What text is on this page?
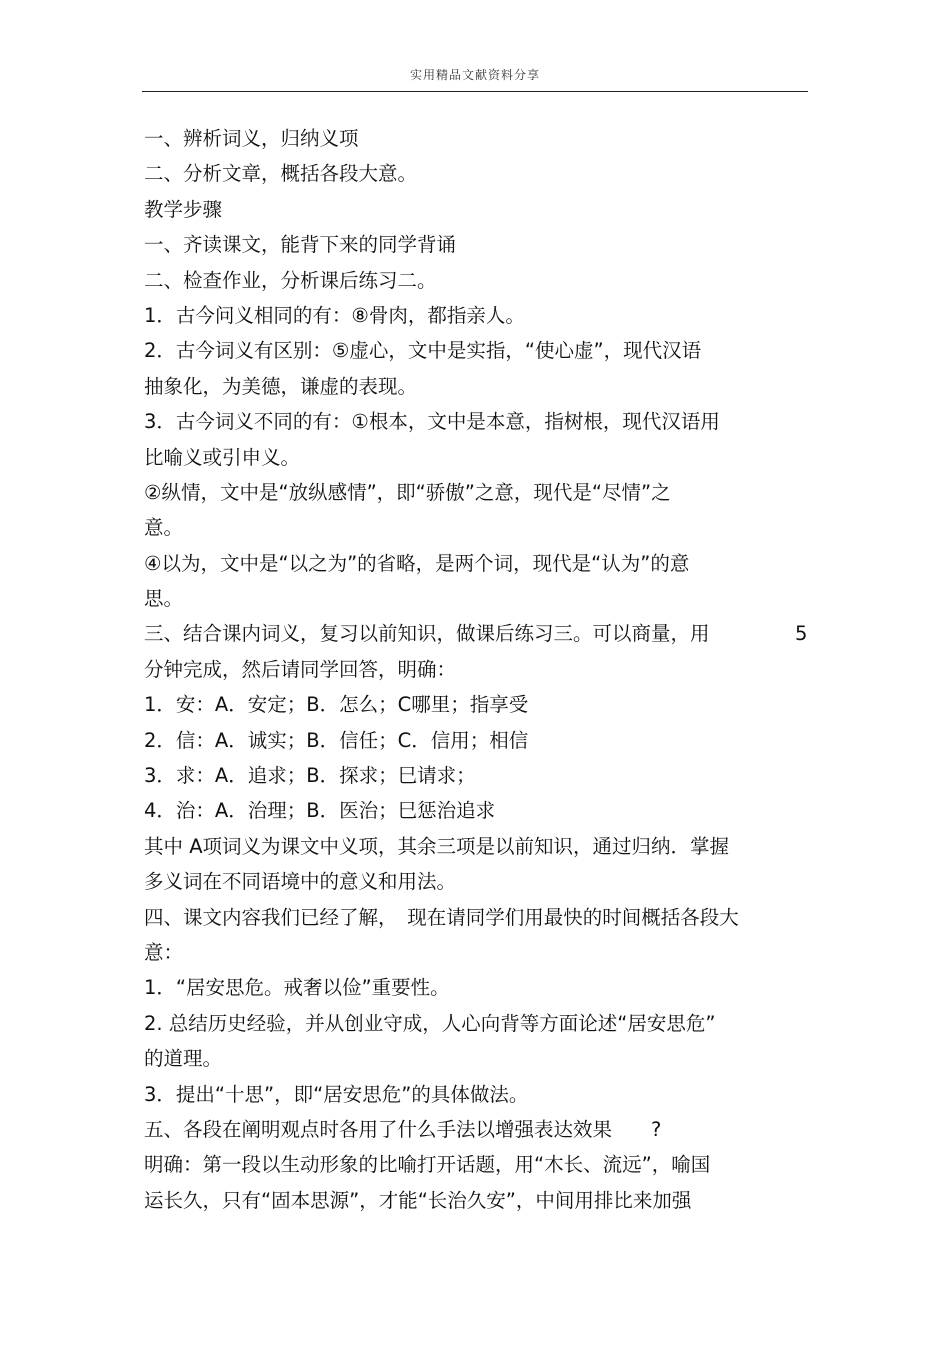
实用精品文献资料分享
一、辨析词义，归纳义项
二、分析文章，概括各段大意。
教学步骤
一、齐读课文，能背下来的同学背诵
二、检查作业，分析课后练习二。
1．古今问义相同的有：⑧骨肉，都指亲人。
2．古今词义有区别：⑤虚心，文中是实指，“使心虚”，现代汉语
抽象化，为美德，谦虚的表现。
3．古今词义不同的有：①根本，文中是本意，指树根，现代汉语用
比喻义或引申义。
②纵情，文中是“放纵感情”，即“骄傲”之意，现代是“尽情”之
意。
④以为，文中是“以之为”的省略，是两个词，现代是“认为”的意
思。
三、结合课内词义，复习以前知识，做课后练习三。可以商量，用	5
分钟完成，然后请同学回答，明确：
1．安：A．安定；B．怎么；C哪里；指享受
2．信：A．诚实；B．信任；C．信用；相信
3．求：A．追求；B．探求；巳请求；
4．治：A．治理；B．医治；巳惩治追求
其中 A项词义为课文中义项，其余三项是以前知识，通过归纳．掌握
多义词在不同语境中的意义和用法。
四、课文内容我们已经了解，　现在请同学们用最快的时间概括各段大
意：
1．“居安思危。戒奢以俭”重要性。
2. 总结历史经验，并从创业守成，人心向背等方面论述“居安思危”
的道理。
3．提出“十思”，即“居安思危”的具体做法。
五、各段在阐明观点时各用了什么手法以增强表达效果　　?
明确：第一段以生动形象的比喻打开话题，用“木长、流远”，喻国
运长久，只有“固本思源”，才能“长治久安”，中间用排比来加强
